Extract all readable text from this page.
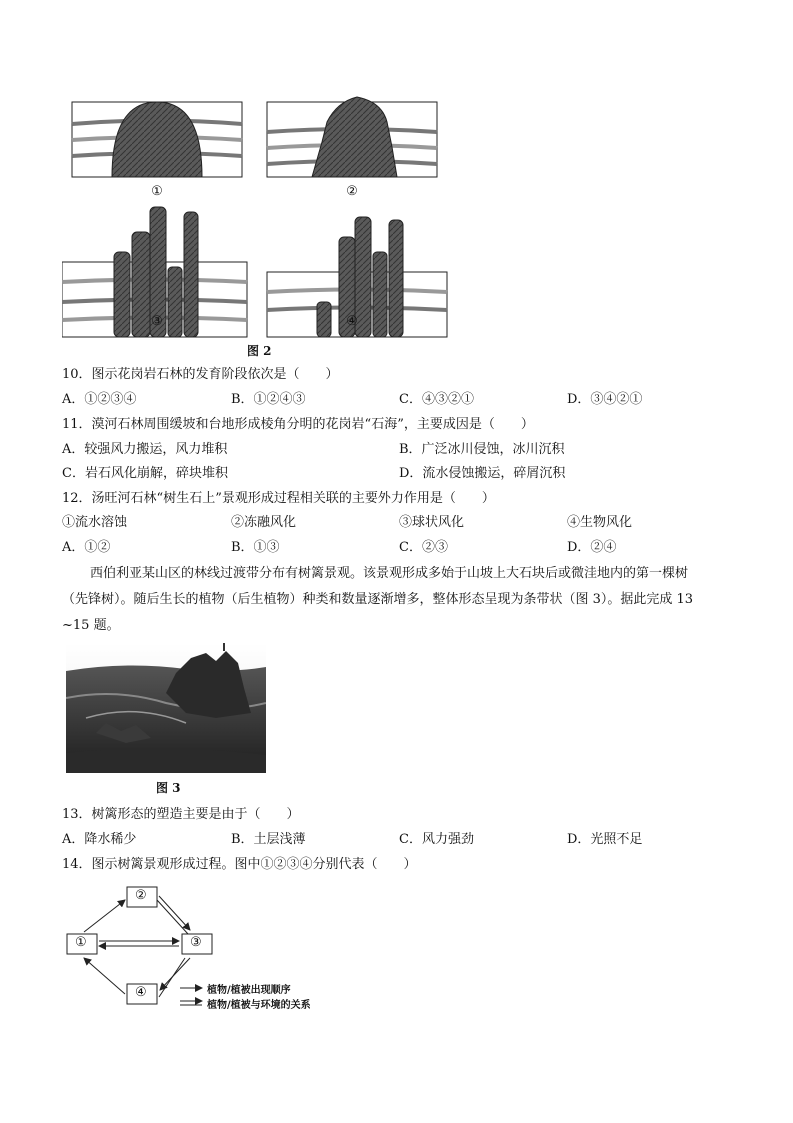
①	②
③	④
图 2
10．图示花岗岩石林的发育阶段依次是（　　）
A．①②③④	B．①②④③	C．④③②①	D．③④②①
11．漠河石林周围缓坡和台地形成棱角分明的花岗岩“石海”，主要成因是（　　）
A．较强风力搬运，风力堆积	B．广泛冰川侵蚀，冰川沉积
C．岩石风化崩解，碎块堆积	D．流水侵蚀搬运，碎屑沉积
12．汤旺河石林“树生石上”景观形成过程相关联的主要外力作用是（　　）
①流水溶蚀	②冻融风化	③球状风化	④生物风化
A．①②	B．①③	C．②③	D．②④
西伯利亚某山区的林线过渡带分布有树篱景观。该景观形成多始于山坡上大石块后或微洼地内的第一棵树
（先锋树）。随后生长的植物（后生植物）种类和数量逐渐增多，整体形态呈现为条带状（图 3）。据此完成 13
~15 题。
图 3
13．树篱形态的塑造主要是由于（　　）
A．降水稀少	B．土层浅薄	C．风力强劲	D．光照不足
14．图示树篱景观形成过程。图中①②③④分别代表（　　）
②
①	③
④	植物/植被出现顺序
植物/植被与环境的关系
